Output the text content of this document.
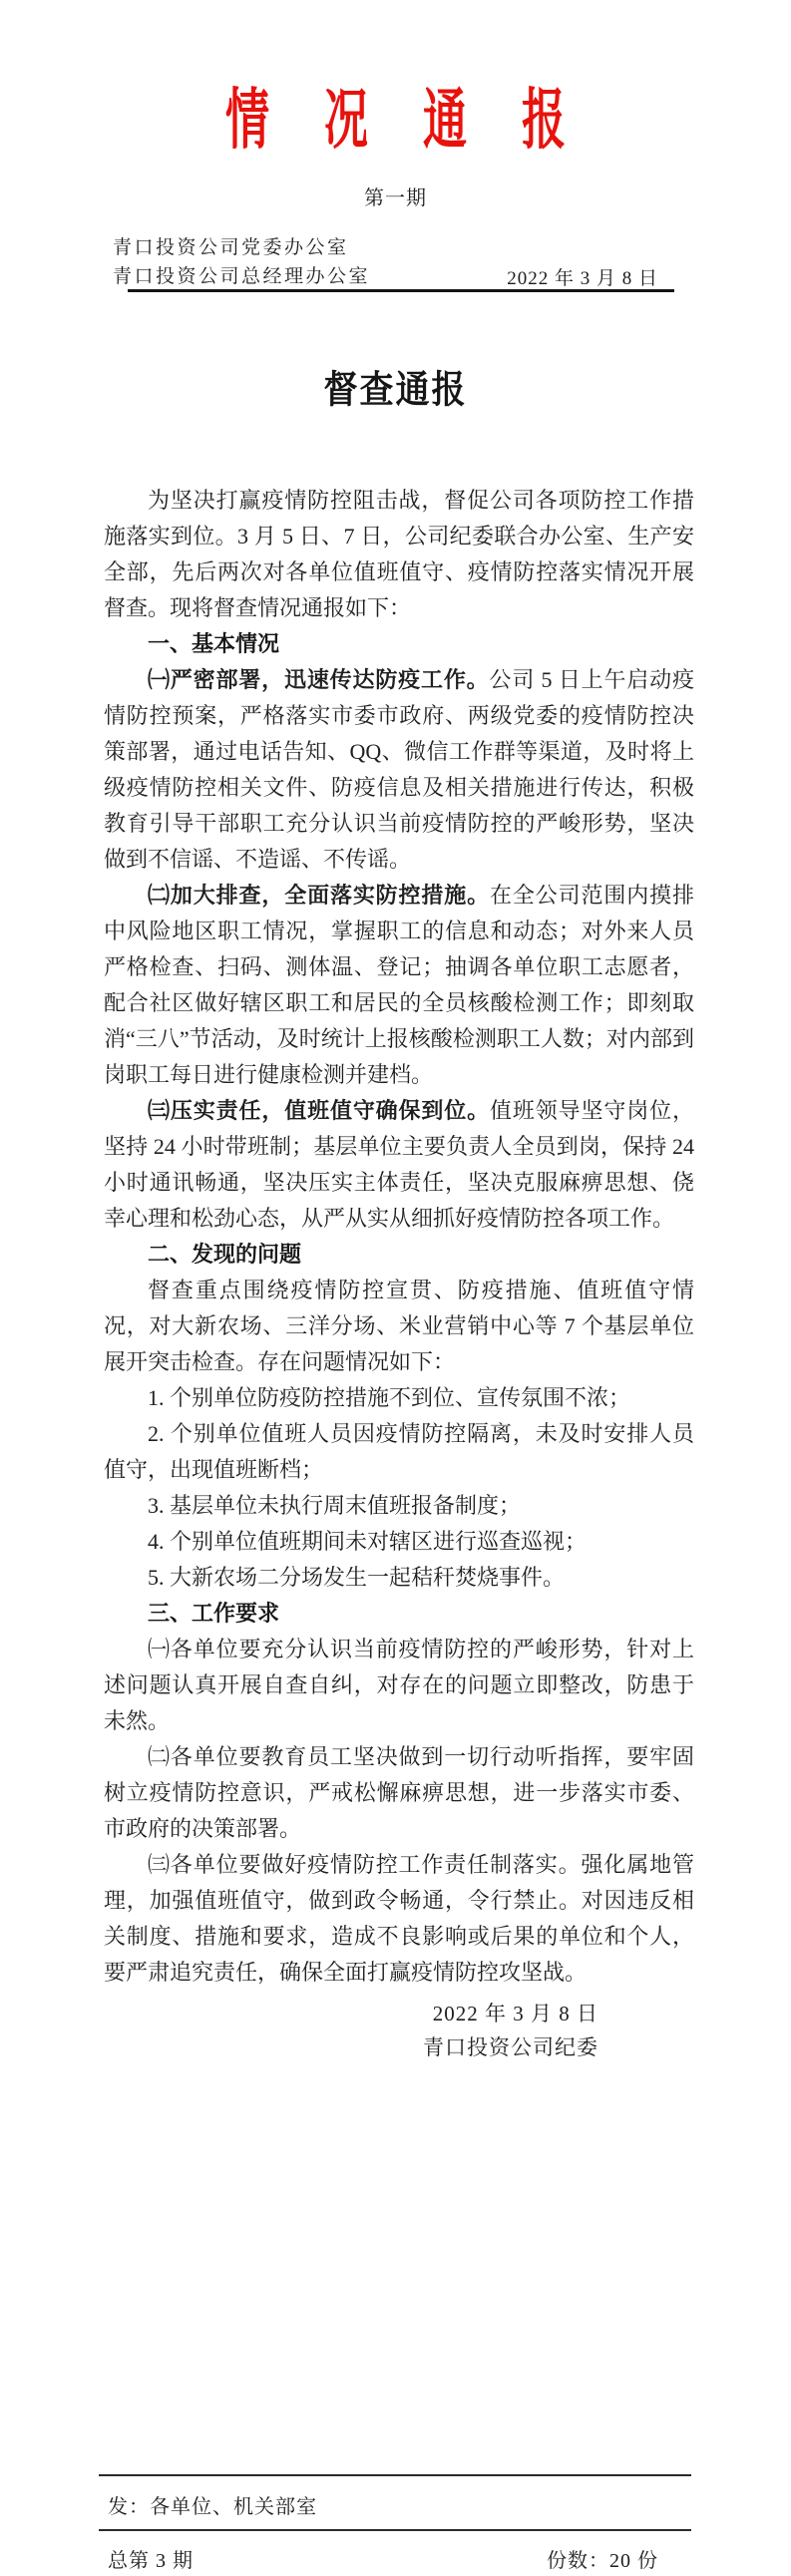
情 况 通 报
第一期
青口投资公司党委办公室
青口投资公司总经理办公室	2022 年 3 月 8 日
督查通报

为坚决打赢疫情防控阻击战，督促公司各项防控工作措施落实到位。3 月 5 日、7 日，公司纪委联合办公室、生产安全部，先后两次对各单位值班值守、疫情防控落实情况开展督查。现将督查情况通报如下：

一、基本情况

㈠严密部署，迅速传达防疫工作。公司 5 日上午启动疫情防控预案，严格落实市委市政府、两级党委的疫情防控决策部署，通过电话告知、QQ、微信工作群等渠道，及时将上级疫情防控相关文件、防疫信息及相关措施进行传达，积极教育引导干部职工充分认识当前疫情防控的严峻形势，坚决做到不信谣、不造谣、不传谣。

㈡加大排查，全面落实防控措施。在全公司范围内摸排中风险地区职工情况，掌握职工的信息和动态；对外来人员严格检查、扫码、测体温、登记；抽调各单位职工志愿者，配合社区做好辖区职工和居民的全员核酸检测工作；即刻取消“三八”节活动，及时统计上报核酸检测职工人数；对内部到岗职工每日进行健康检测并建档。

㈢压实责任，值班值守确保到位。值班领导坚守岗位，坚持 24 小时带班制；基层单位主要负责人全员到岗，保持 24 小时通讯畅通，坚决压实主体责任，坚决克服麻痹思想、侥幸心理和松劲心态，从严从实从细抓好疫情防控各项工作。

二、发现的问题

督查重点围绕疫情防控宣贯、防疫措施、值班值守情况，对大新农场、三洋分场、米业营销中心等 7 个基层单位展开突击检查。存在问题情况如下：

1. 个别单位防疫防控措施不到位、宣传氛围不浓；

2. 个别单位值班人员因疫情防控隔离，未及时安排人员值守，出现值班断档；

3. 基层单位未执行周末值班报备制度；

4. 个别单位值班期间未对辖区进行巡查巡视；

5. 大新农场二分场发生一起秸秆焚烧事件。

三、工作要求

㈠各单位要充分认识当前疫情防控的严峻形势，针对上述问题认真开展自查自纠，对存在的问题立即整改，防患于未然。

㈡各单位要教育员工坚决做到一切行动听指挥，要牢固树立疫情防控意识，严戒松懈麻痹思想，进一步落实市委、市政府的决策部署。

㈢各单位要做好疫情防控工作责任制落实。强化属地管理，加强值班值守，做到政令畅通，令行禁止。对因违反相关制度、措施和要求，造成不良影响或后果的单位和个人，要严肃追究责任，确保全面打赢疫情防控攻坚战。

2022 年 3 月 8 日
青口投资公司纪委
发：各单位、机关部室
总第 3 期	份数：20 份
